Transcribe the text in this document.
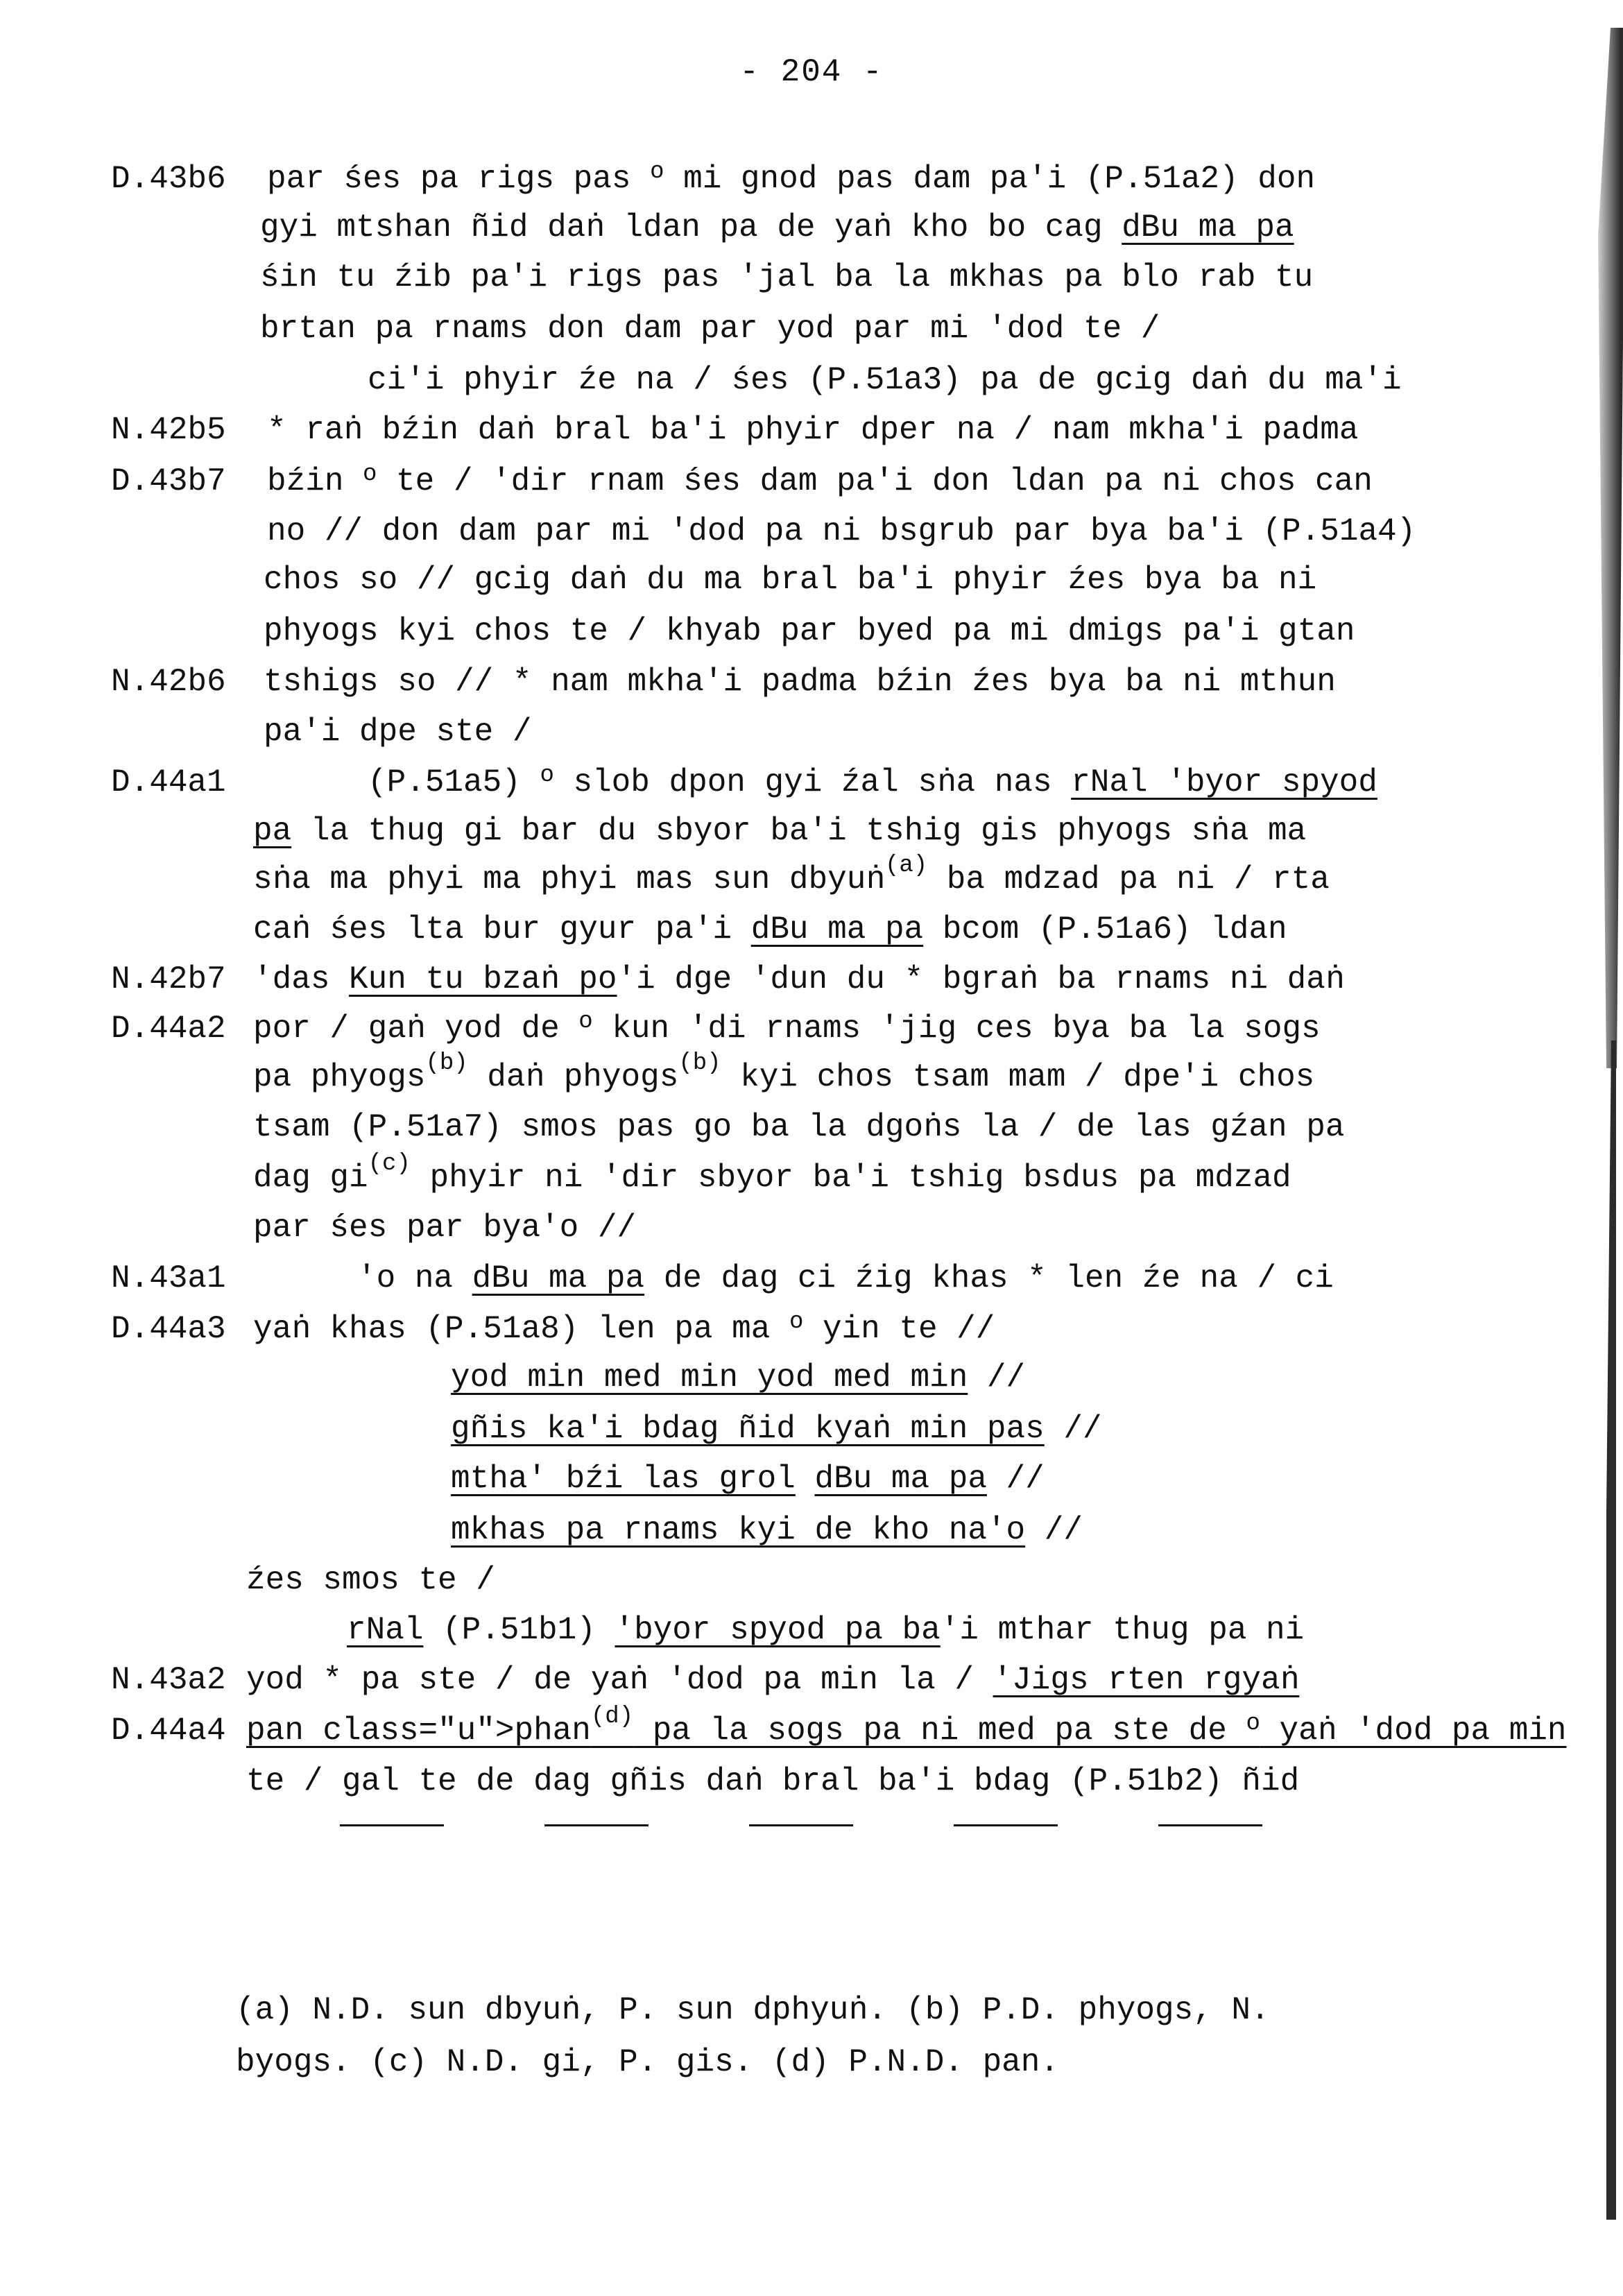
- 204 -
D.43b6	par śes pa rigs pas $^o$ mi gnod pas dam pa'i (P.51a2) don
gyi mtshan ñid daṅ ldan pa de yaṅ kho bo cag dBu ma pa
śin tu źib pa'i rigs pas 'jal ba la mkhas pa blo rab tu
brtan pa rnams don dam par yod par mi 'dod te /
ci'i phyir źe na / śes (P.51a3) pa de gcig daṅ du ma'i
N.42b5	* raṅ bźin daṅ bral ba'i phyir dper na / nam mkha'i padma
D.43b7	bźin $^o$ te / 'dir rnam śes dam pa'i don ldan pa ni chos can
no // don dam par mi 'dod pa ni bsgrub par bya ba'i (P.51a4)
chos so // gcig daṅ du ma bral ba'i phyir źes bya ba ni
phyogs kyi chos te / khyab par byed pa mi dmigs pa'i gtan
N.42b6	tshigs so // * nam mkha'i padma bźin źes bya ba ni mthun
pa'i dpe ste /
D.44a1	(P.51a5) $^o$ slob dpon gyi źal sṅa nas rNal 'byor spyod
pa la thug gi bar du sbyor ba'i tshig gis phyogs sṅa ma
sṅa ma phyi ma phyi mas sun dbyuṅ$^{(a)}$ ba mdzad pa ni / rta
caṅ śes lta bur gyur pa'i dBu ma pa bcom (P.51a6) ldan
N.42b7 'das Kun tu bzaṅ po'i dge 'dun du * bgraṅ ba rnams ni daṅ
D.44a2 por / gaṅ yod de $^o$ kun 'di rnams 'jig ces bya ba la sogs
pa phyogs$^{(b)}$ daṅ phyogs$^{(b)}$ kyi chos tsam mam / dpe'i chos
tsam (P.51a7) smos pas go ba la dgoṅs la / de las gźan pa
dag $gi^{(c)}$ phyir ni 'dir sbyor ba'i tshig bsdus pa mdzad
par śes par bya'o //
N.43a1	'o na dBu ma pa de dag ci źig khas * len źe na / ci
D.44a3 yaṅ khas (P.51a8) len pa ma $^o$ yin te //
yod min med min yod med min //
gñis ka'i bdag ñid kyaṅ min pas //
mtha' bźi las grol dBu ma pa //
mkhas pa rnams kyi de kho na'o //
źes smos te /
rNal (P.51b1) 'byor spyod pa ba'i mthar thug pa ni
N.43a2 yod * pa ste / de yaṅ 'dod pa min la / 'Jigs rten rgyaṅ
D.44a4 pan class="u">phan$^{(d)}$ pa la sogs pa ni med pa ste de $^o$ yaṅ 'dod pa min
te / gal te de dag gñis daṅ bral ba'i bdag (P.51b2) ñid
(a) N.D. sun dbyuṅ, P. sun dphyuṅ. (b) P.D. phyogs, N.
byogs. (c) N.D. gi, P. gis. (d) P.N.D. pan.
